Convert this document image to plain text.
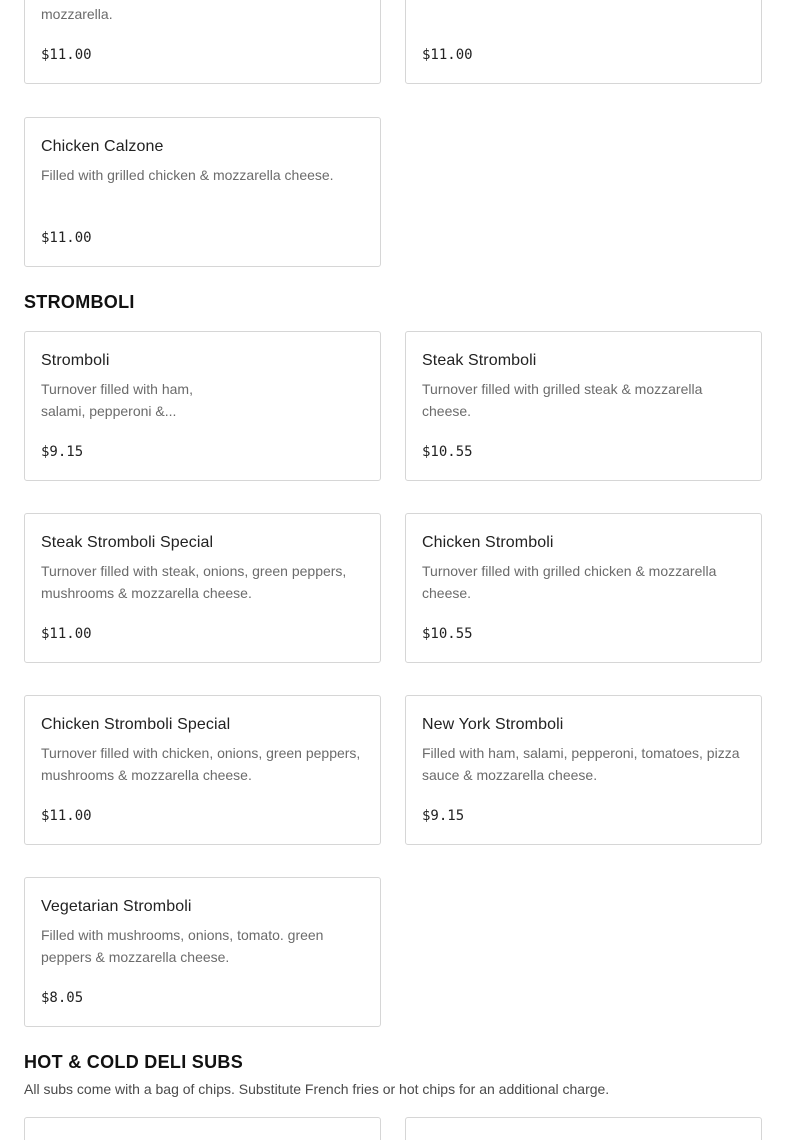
mozzarella.
$11.00	$11.00
Chicken Calzone
Filled with grilled chicken & mozzarella cheese.
$11.00
STROMBOLI
Stromboli
Turnover filled with ham, salami, pepperoni &...
$9.15
Steak Stromboli
Turnover filled with grilled steak & mozzarella cheese.
$10.55
Steak Stromboli Special
Turnover filled with steak, onions, green peppers, mushrooms & mozzarella cheese.
$11.00
Chicken Stromboli
Turnover filled with grilled chicken & mozzarella cheese.
$10.55
Chicken Stromboli Special
Turnover filled with chicken, onions, green peppers, mushrooms & mozzarella cheese.
$11.00
New York Stromboli
Filled with ham, salami, pepperoni, tomatoes, pizza sauce & mozzarella cheese.
$9.15
Vegetarian Stromboli
Filled with mushrooms, onions, tomato. green peppers & mozzarella cheese.
$8.05
HOT & COLD DELI SUBS
All subs come with a bag of chips. Substitute French fries or hot chips for an additional charge.
